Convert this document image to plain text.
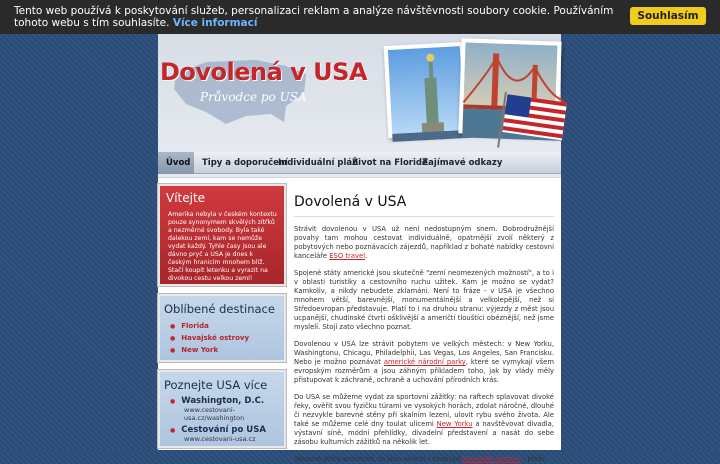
Tento web používá k poskytování služeb, personalizaci reklam a analýze návštěvnosti soubory cookie. Používáním tohoto webu s tím souhlasíte. Více informací
Souhlasím
Dovolená v USA
Průvodce po USA
Úvod	Tipy a doporučení
Individuální plán
Život na Floridě
Zajímavé odkazy
Vítejte

Amerika nebyla v českém kontextu pouze synonymem skvělých zítřků a nezměrné svobody. Byla také dalekou zemí, kam se nemůže vydat každý. Tyhle časy jsou ale dávno pryč a USA je dnes k českým hranicím mnohem blíž. Stačí koupit letenku a vyrazit na divokou cestu velkou zemí!

Oblíbené destinace
● Florida
● Havajské ostrovy
● New York
Poznejte USA více
● Washington, D.C.
www.cestovani-usa.cz/washington
● Cestování po USA
www.cestovani-usa.cz
Dovolená v USA

Strávit dovolenou v USA už není nedostupným snem. Dobrodružnější povahy tam mohou cestovat individuálně, opatrnější zvolí některý z pobytových nebo poznávacích zájezdů, například z bohaté nabídky cestovní kanceláře ESO travel.

Spojené státy americké jsou skutečně "zemí neomezených možností", a to i v oblasti turistiky a cestovního ruchu užitek. Kam je možno se vydat? Kamkoliv, a nikdy nebudete zklamáni. Není to fráze - v USA je všechno mnohem větší, barevnější, monumentálnější a velkolepější, než si Středoevropan představuje. Platí to i na druhou stranu: výjezdy z měst jsou ucpanější, chudinské čtvrti ošklivější a američtí tlouštíci obéznější, než jsme myslelí. Stojí zato všechno poznat.

Dovolenou v USA lze strávit pobytem ve velkých městech: v New Yorku, Washingtonu, Chicagu, Philadelphii, Las Vegas, Los Angeles, San Francisku. Nebo je možno poznávat americké národní parky, které se vymykají všem evropským rozměrům a jsou záhným příkladem toho, jak by vlády měly přistupovat k záchraně, ochraně a uchování přírodních krás.

Do USA se můžeme vydat za sportovní zážitky: na raftech splavovat divoké řeky, ověřit svou fyzičku túrami ve vysokých horách, zdolat náročné, dlouhé či nezvykle barevné stěny při skalním lezení, ulovit rybu svého života. Ale také se můžeme celé dny toulat ulicemi New Yorku a navštěvovat divadla, výstavní síně, módní přehlídky, divadelní představení a nasát do sebe zásobu kulturních zážitků na několik let.

Spojené státy americké, to jsou ovšem i exotické Havajské ostrovy - pláže,
